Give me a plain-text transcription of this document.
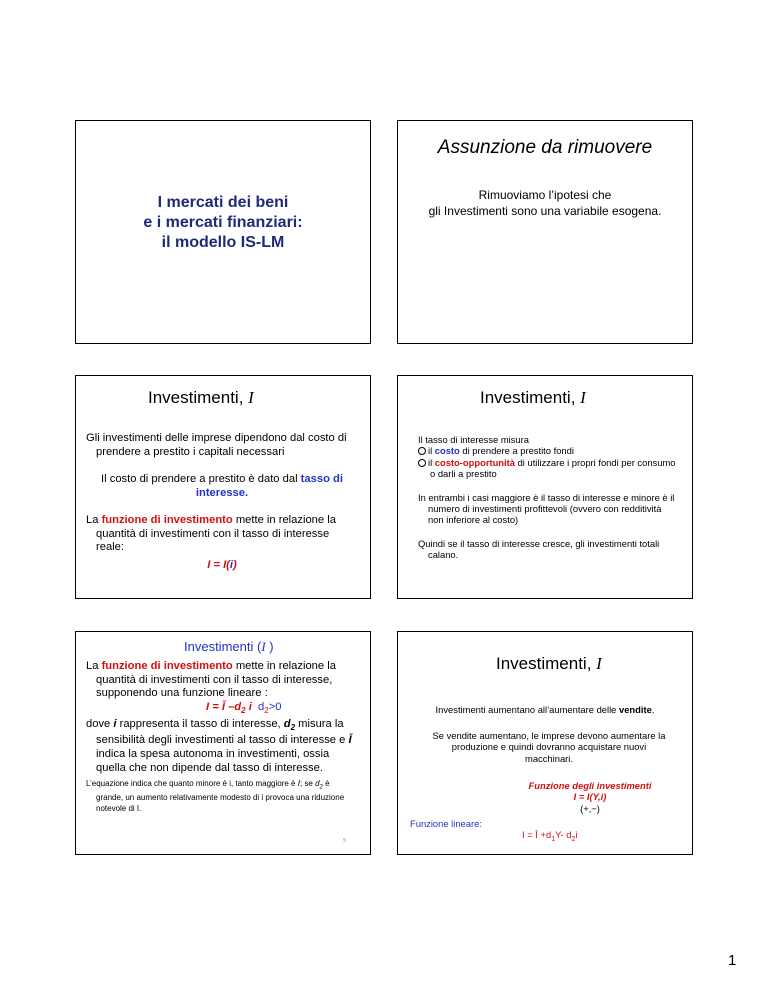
I mercati dei beni
e i mercati finanziari:
il modello IS-LM
Assunzione da rimuovere
Rimuoviamo l’ipotesi che
gli Investimenti sono una variabile esogena.
Investimenti, I

Gli investimenti delle imprese dipendono dal costo di prendere a prestito i capitali necessari

Il costo di prendere a prestito è dato dal tasso di interesse.

La funzione di investimento mette in relazione la quantità di investimenti con il tasso di interesse reale:

I = I(i)

Investimenti, I

Il tasso di interesse misura

il costo di prendere a prestito fondi

il costo-opportunità di utilizzare i propri fondi per consumo o darli a prestito

In entrambi i casi maggiore è il tasso di interesse e minore è il numero di investimenti profittevoli (ovvero con redditività non inferiore al costo)

Quindi se il tasso di interesse cresce, gli investimenti totali calano.

Investimenti (I )

La funzione di investimento mette in relazione la quantità di investimenti con il tasso di interesse, supponendo una funzione lineare :

I = Ī $-d_2$ i $d_2>0$

dove i rappresenta il tasso di interesse, $d_2$ misura la sensibilità degli investimenti al tasso di interesse e Ī indica la spesa autonoma in investimenti, ossia quella che non dipende dal tasso di interesse.

L’equazione indica che quanto minore è i, tanto maggiore è I; se $d_2$ è grande, un aumento relativamente modesto di i provoca una riduzione notevole di I.

5
Investimenti, I
Investimenti aumentano all’aumentare delle vendite.
Se vendite aumentano, le imprese devono aumentare la produzione e quindi dovranno acquistare nuovi macchinari.
Funzione degli investimenti
I = I(Y,i)
(+,−)
Funzione lineare:
I = Ī $+d_1Y-$ $d_2i$
1
